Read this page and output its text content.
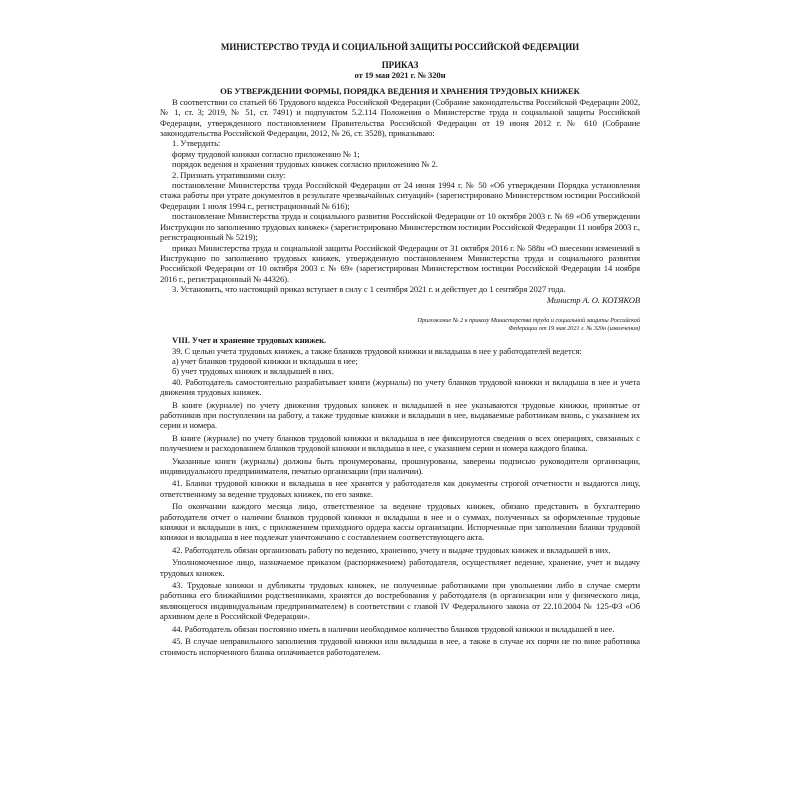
МИНИСТЕРСТВО ТРУДА И СОЦИАЛЬНОЙ ЗАЩИТЫ РОССИЙСКОЙ ФЕДЕРАЦИИ
ПРИКАЗ
от 19 мая 2021 г. № 320н
ОБ УТВЕРЖДЕНИИ ФОРМЫ, ПОРЯДКА ВЕДЕНИЯ И ХРАНЕНИЯ ТРУДОВЫХ КНИЖЕК

В соответствии со статьей 66 Трудового кодекса Российской Федерации (Собрание законодательства Российской Федерации 2002, № 1, ст. 3; 2019, № 51, ст. 7491) и подпунктом 5.2.114 Положения о Министерстве труда и социальной защиты Российской Федерации, утвержденного постановлением Правительства Российской Федерации от 19 июня 2012 г. № 610 (Собрание законодательства Российской Федерации, 2012, № 26, ст. 3528), приказываю:

1. Утвердить:

форму трудовой книжки согласно приложению № 1;

порядок ведения и хранения трудовых книжек согласно приложению № 2.

2. Признать утратившими силу:

постановление Министерства труда Российской Федерации от 24 июня 1994 г. № 50 «Об утверждении Порядка установления стажа работы при утрате документов в результате чрезвычайных ситуаций» (зарегистрировано Министерством юстиции Российской Федерации 1 июля 1994 г., регистрационный № 616);

постановление Министерства труда и социального развития Российской Федерации от 10 октября 2003 г. № 69 «Об утверждении Инструкции по заполнению трудовых книжек» (зарегистрировано Министерством юстиции Российской Федерации 11 ноября 2003 г., регистрационный № 5219);

приказ Министерства труда и социальной защиты Российской Федерации от 31 октября 2016 г. № 588н «О внесении изменений в Инструкцию по заполнению трудовых книжек, утвержденную постановлением Министерства труда и социального развития Российской Федерации от 10 октября 2003 г. № 69» (зарегистрирован Министерством юстиции Российской Федерации 14 ноября 2016 г., регистрационный № 44326).

3. Установить, что настоящий приказ вступает в силу с 1 сентября 2021 г. и действует до 1 сентября 2027 года.

Министр А. О. КОТЯКОВ
Приложение № 2 к приказу Министерства труда и социальной защиты Российской Федерации от 19 мая 2021 г. № 320н (извлечения)
VIII. Учет и хранение трудовых книжек.

39. С целью учета трудовых книжек, а также бланков трудовой книжки и вкладыша в нее у работодателей ведется:

а) учет бланков трудовой книжки и вкладыша в нее;

б) учет трудовых книжек и вкладышей в них.

40. Работодатель самостоятельно разрабатывает книги (журналы) по учету бланков трудовой книжки и вкладыша в нее и учета движения трудовых книжек.

В книге (журнале) по учету движения трудовых книжек и вкладышей в нее указываются трудовые книжки, принятые от работников при поступлении на работу, а также трудовые книжки и вкладыши в нее, выдаваемые работникам вновь, с указанием их серии и номера.

В книге (журнале) по учету бланков трудовой книжки и вкладыша в нее фиксируются сведения о всех операциях, связанных с получением и расходованием бланков трудовой книжки и вкладыша в нее, с указанием серии и номера каждого бланка.

Указанные книги (журналы) должны быть пронумерованы, прошнурованы, заверены подписью руководителя организации, индивидуального предпринимателя, печатью организации (при наличии).

41. Бланки трудовой книжки и вкладыша в нее хранятся у работодателя как документы строгой отчетности и выдаются лицу, ответственному за ведение трудовых книжек, по его заявке.

По окончании каждого месяца лицо, ответственное за ведение трудовых книжек, обязано представить в бухгалтерию работодателя отчет о наличии бланков трудовой книжки и вкладыша в нее и о суммах, полученных за оформленные трудовые книжки и вкладыши в них, с приложением приходного ордера кассы организации. Испорченные при заполнении бланки трудовой книжки и вкладыша в нее подлежат уничтожению с составлением соответствующего акта.

42. Работодатель обязан организовать работу по ведению, хранению, учету и выдаче трудовых книжек и вкладышей в них.

Уполномоченное лицо, назначаемое приказом (распоряжением) работодателя, осуществляет ведение, хранение, учет и выдачу трудовых книжек.

43. Трудовые книжки и дубликаты трудовых книжек, не полученные работниками при увольнении либо в случае смерти работника его ближайшими родственниками, хранятся до востребования у работодателя (в организации или у физического лица, являющегося индивидуальным предпринимателем) в соответствии с главой IV Федерального закона от 22.10.2004 № 125-ФЗ «Об архивном деле в Российской Федерации».

44. Работодатель обязан постоянно иметь в наличии необходимое количество бланков трудовой книжки и вкладышей в нее.

45. В случае неправильного заполнения трудовой книжки или вкладыша в нее, а также в случае их порчи не по вине работника стоимость испорченного бланка оплачивается работодателем.
